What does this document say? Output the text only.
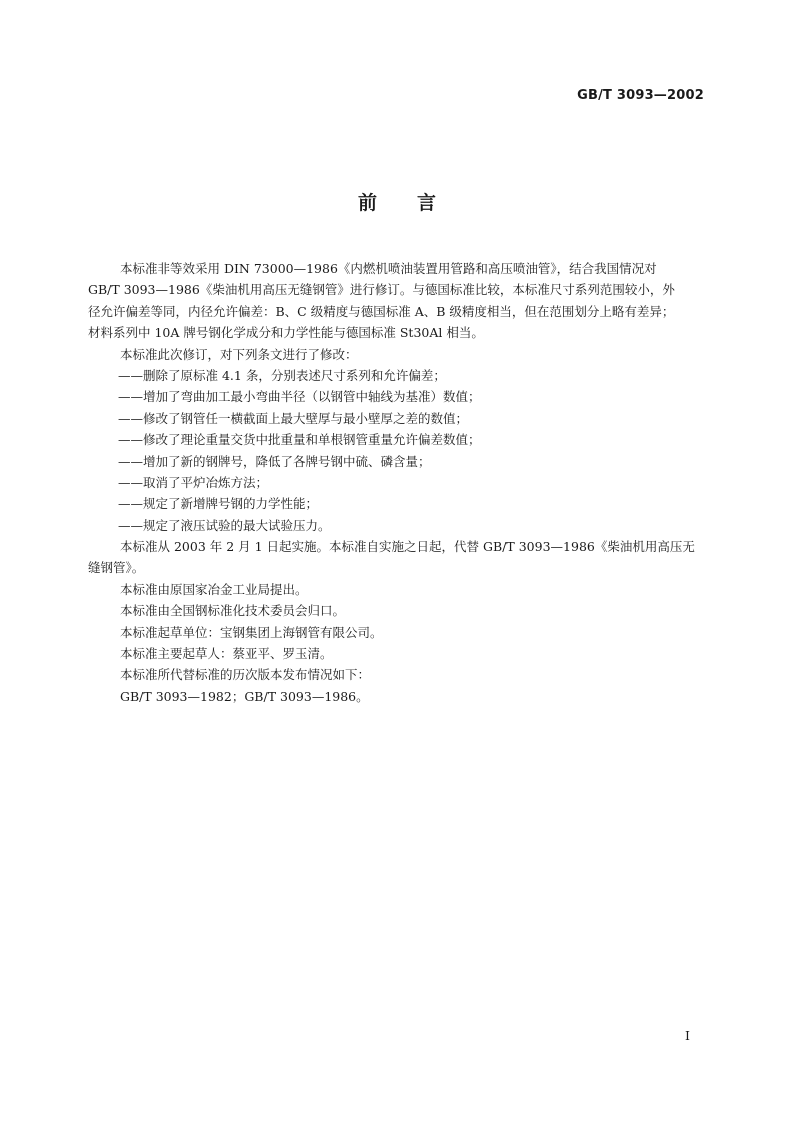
GB/T 3093—2002
前言
本标准非等效采用 DIN 73000—1986《内燃机喷油装置用管路和高压喷油管》，结合我国情况对
GB/T 3093—1986《柴油机用高压无缝钢管》进行修订。与德国标准比较，本标准尺寸系列范围较小，外
径允许偏差等同，内径允许偏差：B、C 级精度与德国标准 A、B 级精度相当，但在范围划分上略有差异；
材料系列中 10A 牌号钢化学成分和力学性能与德国标准 St30Al 相当。
本标准此次修订，对下列条文进行了修改：
——删除了原标准 4.1 条，分别表述尺寸系列和允许偏差；
——增加了弯曲加工最小弯曲半径（以钢管中轴线为基准）数值；
——修改了钢管任一横截面上最大壁厚与最小壁厚之差的数值；
——修改了理论重量交货中批重量和单根钢管重量允许偏差数值；
——增加了新的钢牌号，降低了各牌号钢中硫、磷含量；
——取消了平炉冶炼方法；
——规定了新增牌号钢的力学性能；
——规定了液压试验的最大试验压力。
本标准从 2003 年 2 月 1 日起实施。本标准自实施之日起，代替 GB/T 3093—1986《柴油机用高压无
缝钢管》。
本标准由原国家冶金工业局提出。
本标准由全国钢标准化技术委员会归口。
本标准起草单位：宝钢集团上海钢管有限公司。
本标准主要起草人：蔡亚平、罗玉清。
本标准所代替标准的历次版本发布情况如下：
GB/T 3093—1982；GB/T 3093—1986。
I
